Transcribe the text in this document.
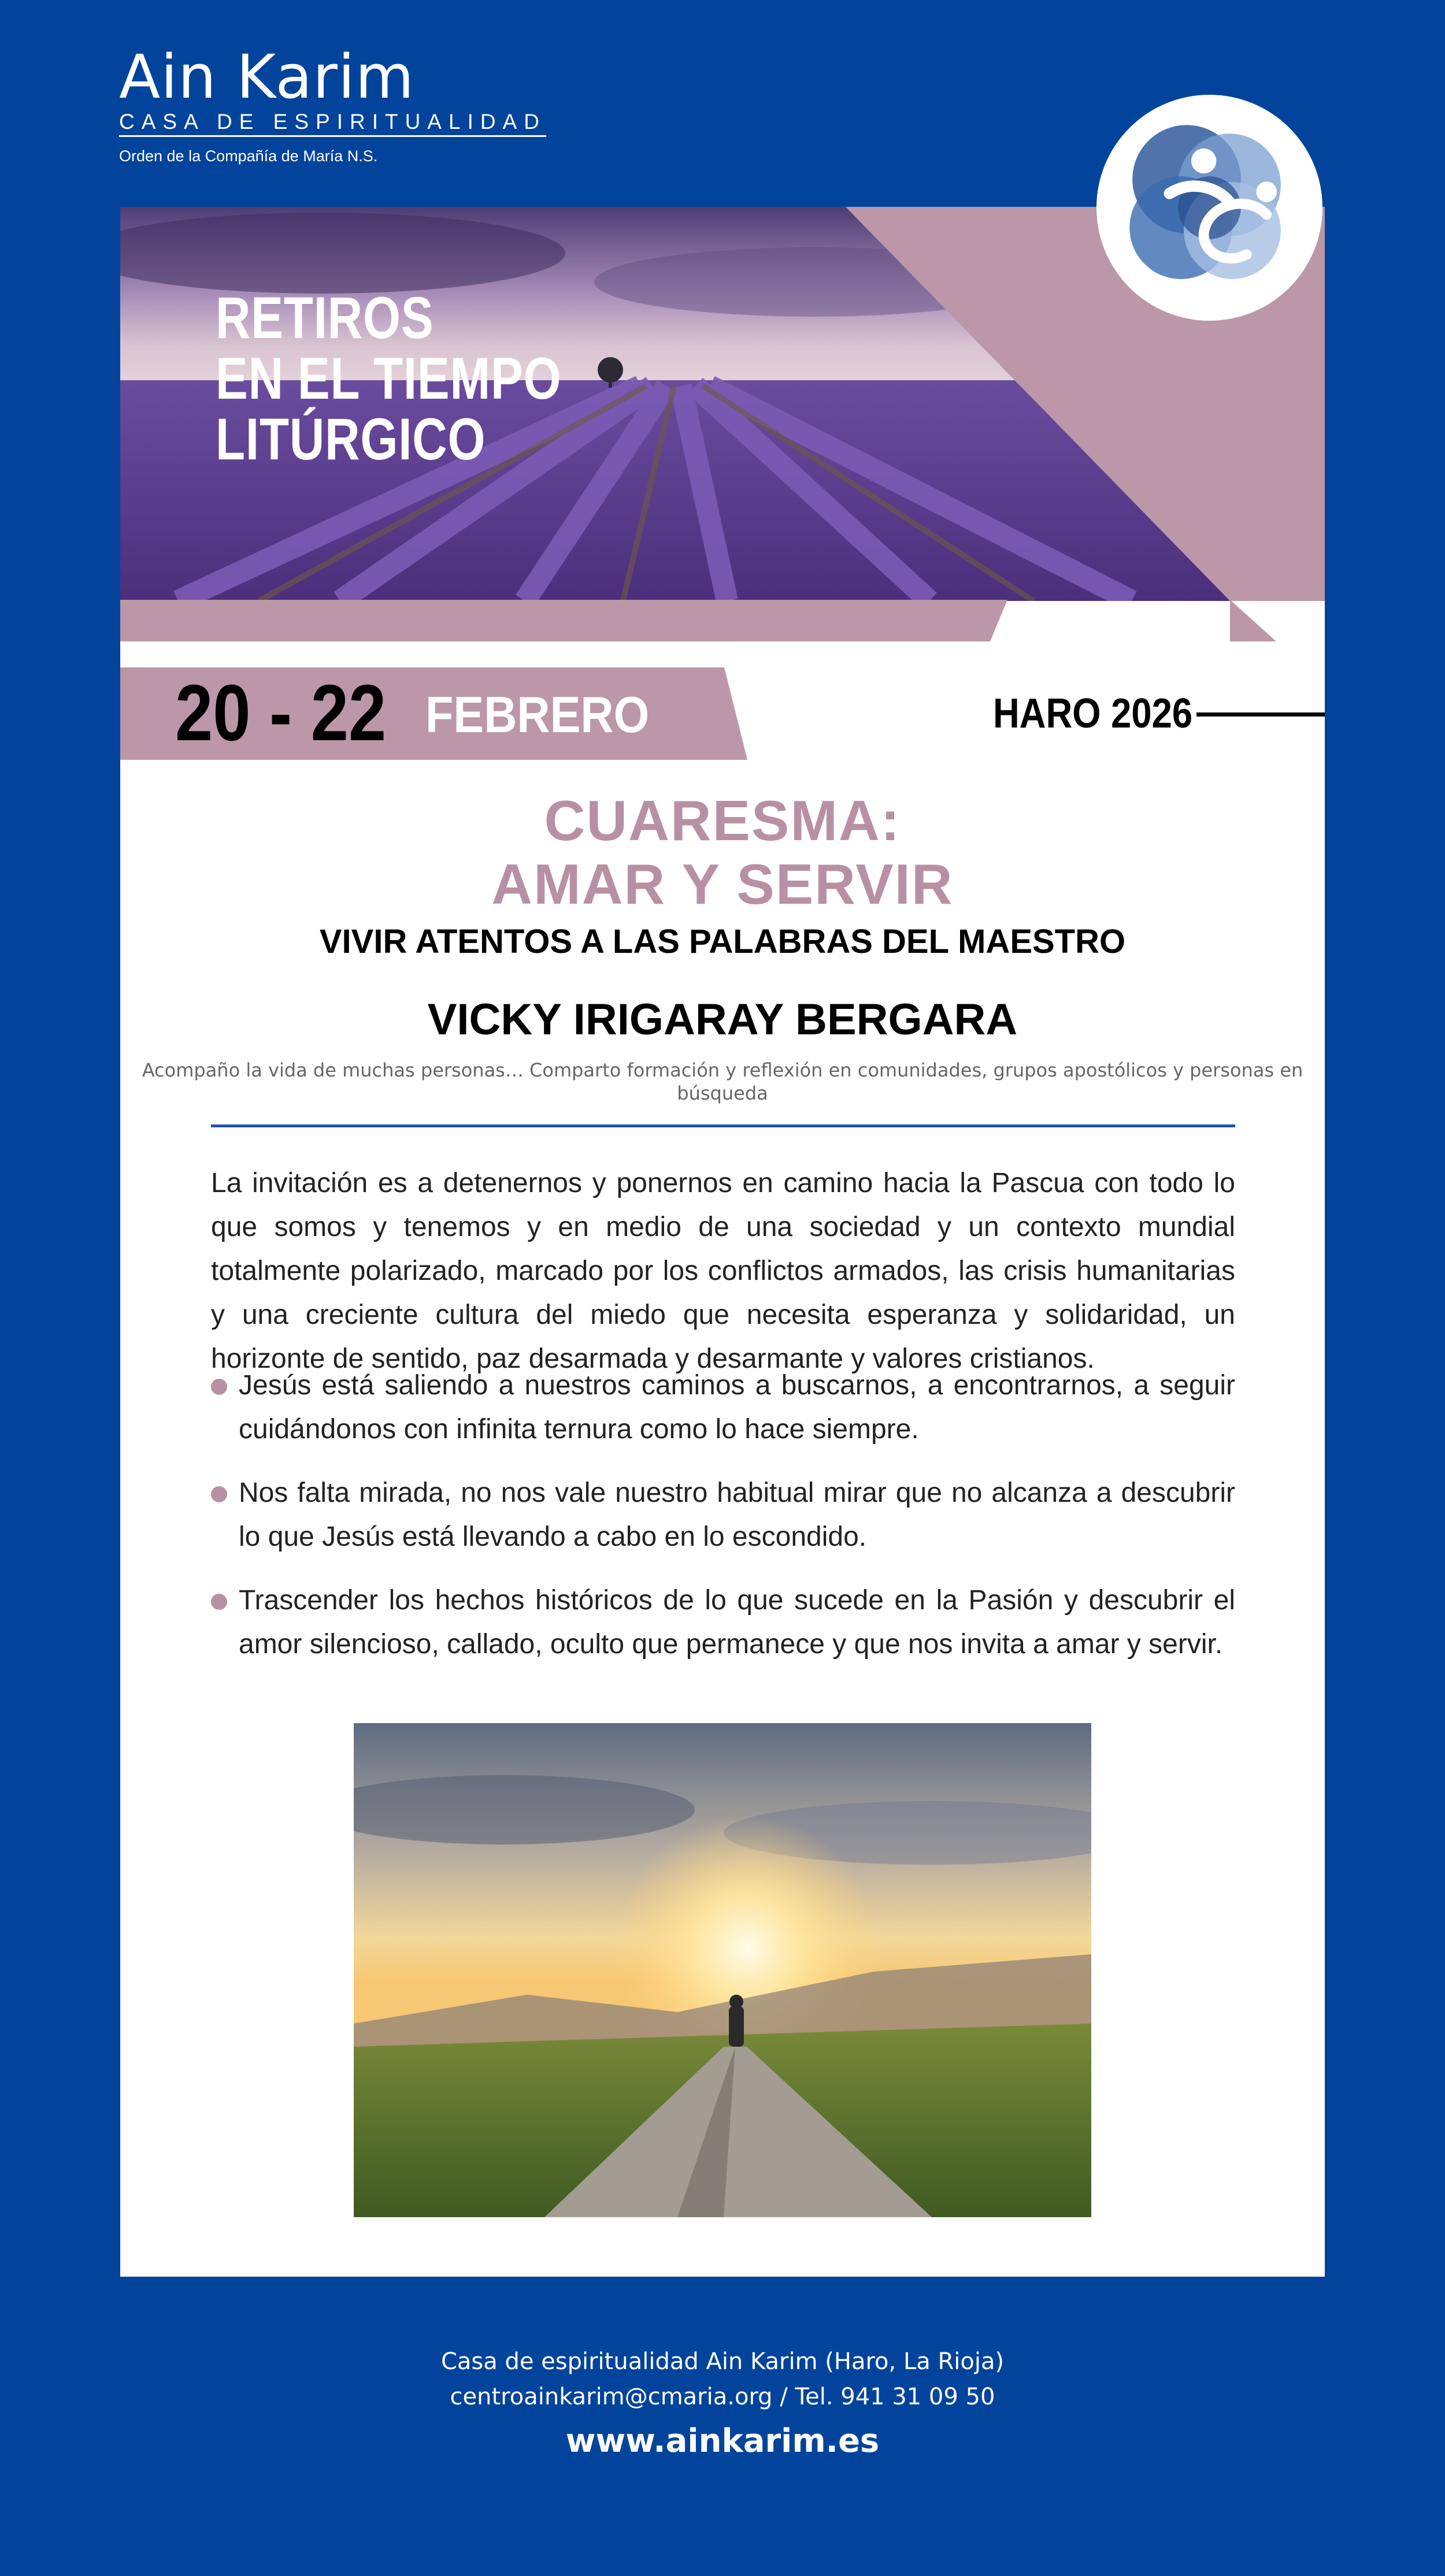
Ain Karim
CASA DE ESPIRITUALIDAD
Orden de la Compañía de María N.S.
RETIROS
EN EL TIEMPO
LITÚRGICO
20 - 22 FEBRERO	HARO 2026
CUARESMA:
AMAR Y SERVIR
VIVIR ATENTOS A LAS PALABRAS DEL MAESTRO
VICKY IRIGARAY BERGARA
Acompaño la vida de muchas personas… Comparto formación y reflexión en comunidades, grupos apostólicos y personas en búsqueda
La invitación es a detenernos y ponernos en camino hacia la Pascua con todo lo que somos y tenemos y en medio de una sociedad y un contexto mundial totalmente polarizado, marcado por los conflictos armados, las crisis humanitarias y una creciente cultura del miedo que necesita esperanza y solidaridad, un horizonte de sentido, paz desarmada y desarmante y valores cristianos.
Jesús está saliendo a nuestros caminos a buscarnos, a encontrarnos, a seguir cuidándonos con infinita ternura como lo hace siempre.
Nos falta mirada, no nos vale nuestro habitual mirar que no alcanza a descubrir lo que Jesús está llevando a cabo en lo escondido.
Trascender los hechos históricos de lo que sucede en la Pasión y descubrir el amor silencioso, callado, oculto que permanece y que nos invita a amar y servir.
Casa de espiritualidad Ain Karim (Haro, La Rioja)
centroainkarim@cmaria.org / Tel. 941 31 09 50
www.ainkarim.es
